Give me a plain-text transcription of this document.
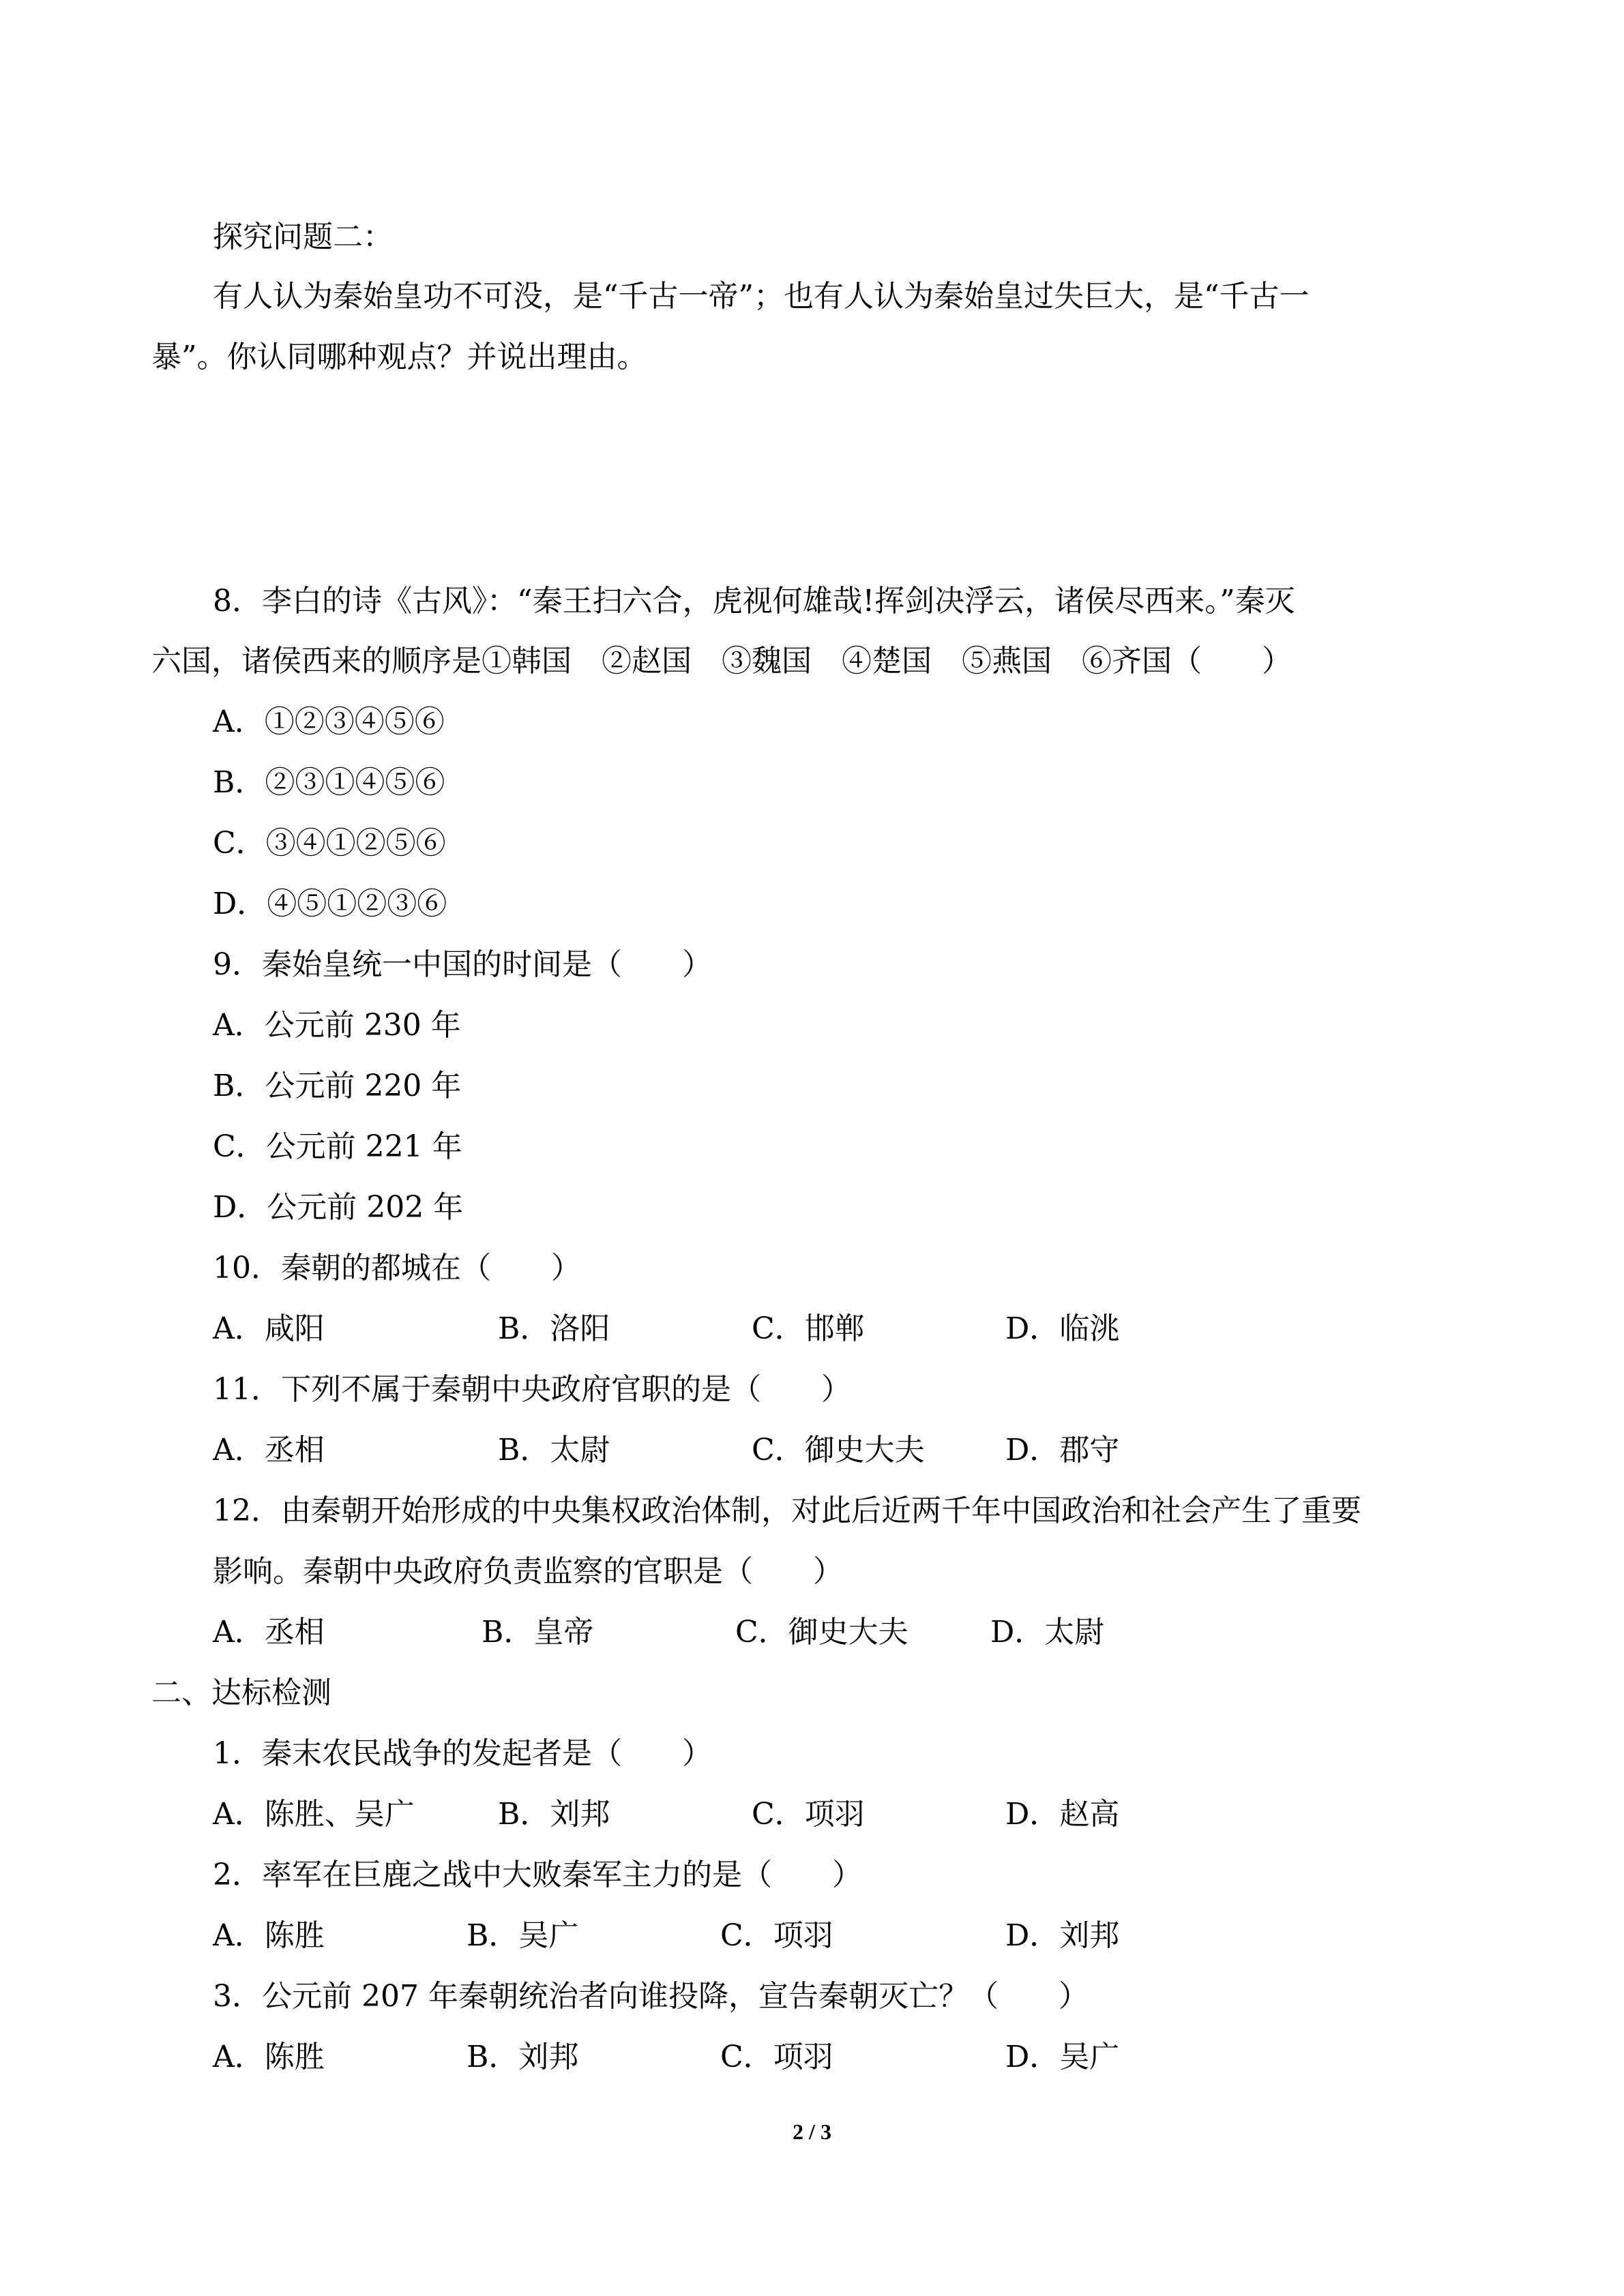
探究问题二：
有人认为秦始皇功不可没，是“千古一帝”；也有人认为秦始皇过失巨大，是“千古一
暴”。你认同哪种观点？并说出理由。
8．李白的诗《古风》：“秦王扫六合，虎视何雄哉!挥剑决浮云，诸侯尽西来。”秦灭
六国，诸侯西来的顺序是①韩国　②赵国　③魏国　④楚国　⑤燕国　⑥齐国（　　）
A．①②③④⑤⑥
B．②③①④⑤⑥
C．③④①②⑤⑥
D．④⑤①②③⑥
9．秦始皇统一中国的时间是（　　）
A．公元前 230 年
B．公元前 220 年
C．公元前 221 年
D．公元前 202 年
10．秦朝的都城在（　　）
A．咸阳	B．洛阳	C．邯郸	D．临洮
11．下列不属于秦朝中央政府官职的是（　　）
A．丞相	B．太尉	C．御史大夫	D．郡守
12．由秦朝开始形成的中央集权政治体制，对此后近两千年中国政治和社会产生了重要
影响。秦朝中央政府负责监察的官职是（　　）
A．丞相	B．皇帝	C．御史大夫	D．太尉
二、达标检测
1．秦末农民战争的发起者是（　　）
A．陈胜、吴广	B．刘邦	C．项羽	D．赵高
2．率军在巨鹿之战中大败秦军主力的是（　　）
A．陈胜	B．吴广	C．项羽	D．刘邦
3．公元前 207 年秦朝统治者向谁投降，宣告秦朝灭亡？（　　）
A．陈胜	B．刘邦	C．项羽	D．吴广
2 / 3
